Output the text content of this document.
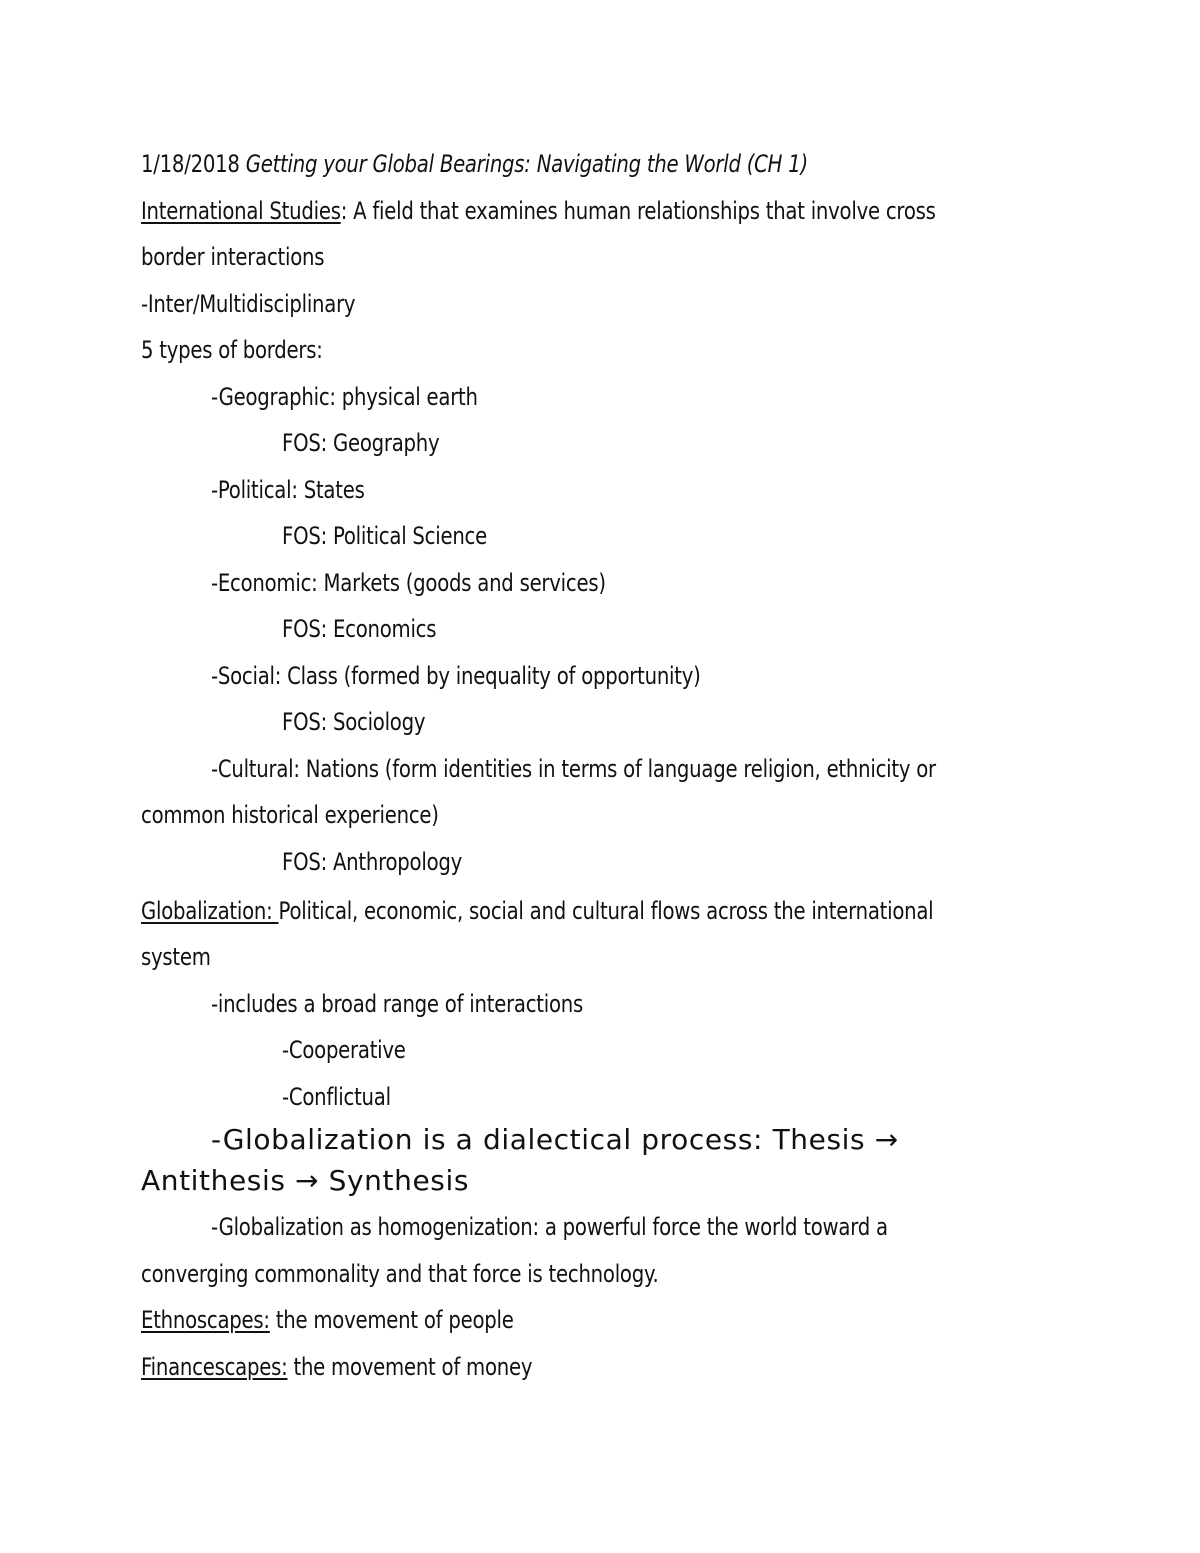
1/18/2018 Getting your Global Bearings: Navigating the World (CH 1)
International Studies: A field that examines human relationships that involve cross
border interactions
-Inter/Multidisciplinary
5 types of borders:
-Geographic: physical earth
FOS: Geography
-Political: States
FOS: Political Science
-Economic: Markets (goods and services)
FOS: Economics
-Social: Class (formed by inequality of opportunity)
FOS: Sociology
-Cultural: Nations (form identities in terms of language religion, ethnicity or
common historical experience)
FOS: Anthropology
Globalization: Political, economic, social and cultural flows across the international
system
-includes a broad range of interactions
-Cooperative
-Conflictual
-Globalization is a dialectical process: Thesis →
Antithesis → Synthesis
-Globalization as homogenization: a powerful force the world toward a
converging commonality and that force is technology.
Ethnoscapes: the movement of people
Financescapes: the movement of money
